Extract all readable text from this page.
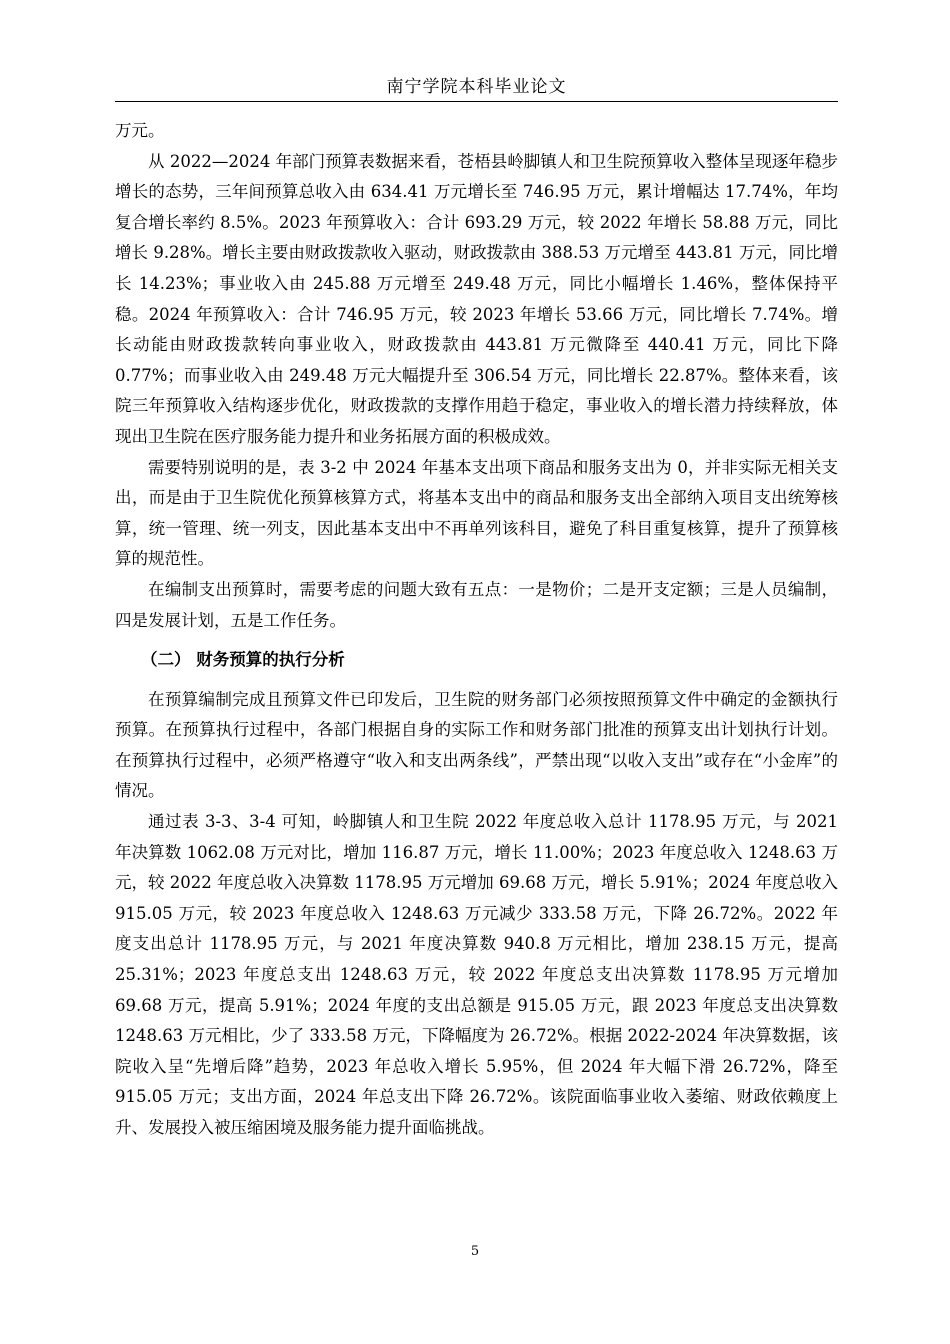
南宁学院本科毕业论文

万元。

从 2022—2024 年部门预算表数据来看，苍梧县岭脚镇人和卫生院预算收入整体呈现逐年稳步增长的态势，三年间预算总收入由 634.41 万元增长至 746.95 万元，累计增幅达 17.74%，年均复合增长率约 8.5%。2023 年预算收入：合计 693.29 万元，较 2022 年增长 58.88 万元，同比增长 9.28%。增长主要由财政拨款收入驱动，财政拨款由 388.53 万元增至 443.81 万元，同比增长 14.23%；事业收入由 245.88 万元增至 249.48 万元，同比小幅增长 1.46%，整体保持平稳。2024 年预算收入：合计 746.95 万元，较 2023 年增长 53.66 万元，同比增长 7.74%。增长动能由财政拨款转向事业收入，财政拨款由 443.81 万元微降至 440.41 万元，同比下降 0.77%；而事业收入由 249.48 万元大幅提升至 306.54 万元，同比增长 22.87%。整体来看，该院三年预算收入结构逐步优化，财政拨款的支撑作用趋于稳定，事业收入的增长潜力持续释放，体现出卫生院在医疗服务能力提升和业务拓展方面的积极成效。

需要特别说明的是，表 3-2 中 2024 年基本支出项下商品和服务支出为 0，并非实际无相关支出，而是由于卫生院优化预算核算方式，将基本支出中的商品和服务支出全部纳入项目支出统筹核算，统一管理、统一列支，因此基本支出中不再单列该科目，避免了科目重复核算，提升了预算核算的规范性。

在编制支出预算时，需要考虑的问题大致有五点：一是物价；二是开支定额；三是人员编制，四是发展计划，五是工作任务。

（二） 财务预算的执行分析

在预算编制完成且预算文件已印发后，卫生院的财务部门必须按照预算文件中确定的金额执行预算。在预算执行过程中，各部门根据自身的实际工作和财务部门批准的预算支出计划执行计划。在预算执行过程中，必须严格遵守“收入和支出两条线”，严禁出现“以收入支出”或存在“小金库”的情况。

通过表 3-3、3-4 可知，岭脚镇人和卫生院 2022 年度总收入总计 1178.95 万元，与 2021 年决算数 1062.08 万元对比，增加 116.87 万元，增长 11.00%；2023 年度总收入 1248.63 万元，较 2022 年度总收入决算数 1178.95 万元增加 69.68 万元，增长 5.91%；2024 年度总收入 915.05 万元，较 2023 年度总收入 1248.63 万元减少 333.58 万元，下降 26.72%。2022 年度支出总计 1178.95 万元，与 2021 年度决算数 940.8 万元相比，增加 238.15 万元，提高 25.31%；2023 年度总支出 1248.63 万元，较 2022 年度总支出决算数 1178.95 万元增加 69.68 万元，提高 5.91%；2024 年度的支出总额是 915.05 万元，跟 2023 年度总支出决算数 1248.63 万元相比，少了 333.58 万元，下降幅度为 26.72%。根据 2022-2024 年决算数据，该院收入呈“先增后降”趋势，2023 年总收入增长 5.95%，但 2024 年大幅下滑 26.72%，降至 915.05 万元；支出方面，2024 年总支出下降 26.72%。该院面临事业收入萎缩、财政依赖度上升、发展投入被压缩困境及服务能力提升面临挑战。

5
